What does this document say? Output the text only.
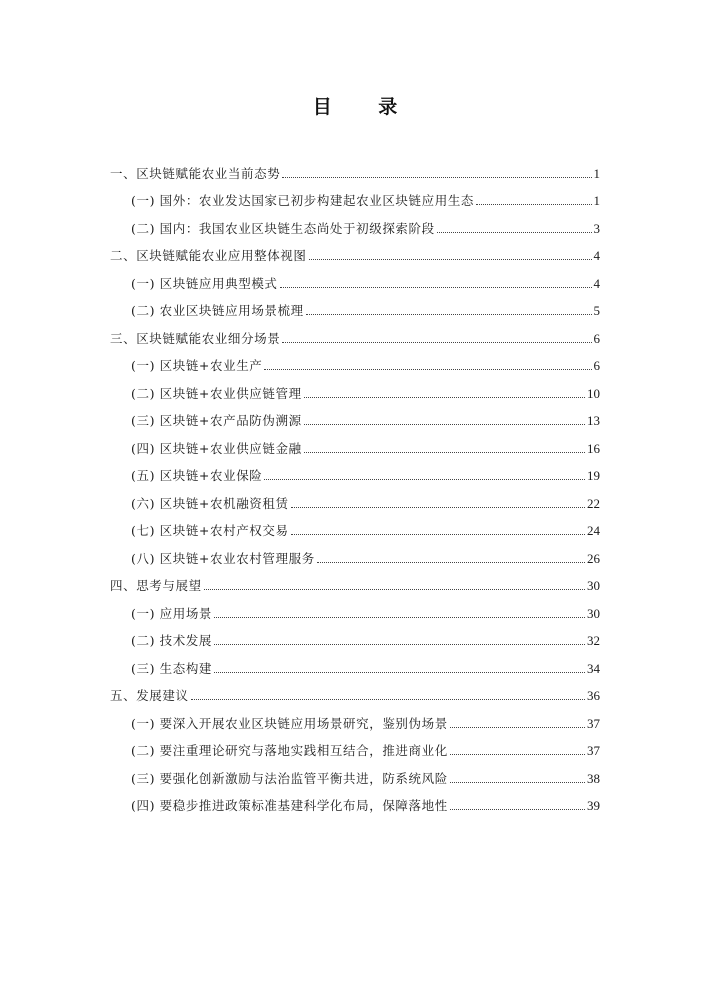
目 录
一、区块链赋能农业当前态势	1
(一) 国外：农业发达国家已初步构建起农业区块链应用生态	1
(二) 国内：我国农业区块链生态尚处于初级探索阶段	3
二、区块链赋能农业应用整体视图	4
(一) 区块链应用典型模式	4
(二) 农业区块链应用场景梳理	5
三、区块链赋能农业细分场景	6
(一) 区块链+农业生产	6
(二) 区块链+农业供应链管理	10
(三) 区块链+农产品防伪溯源	13
(四) 区块链+农业供应链金融	16
(五) 区块链+农业保险	19
(六) 区块链+农机融资租赁	22
(七) 区块链+农村产权交易	24
(八) 区块链+农业农村管理服务	26
四、思考与展望	30
(一) 应用场景	30
(二) 技术发展	32
(三) 生态构建	34
五、发展建议	36
(一) 要深入开展农业区块链应用场景研究，鉴别伪场景	37
(二) 要注重理论研究与落地实践相互结合，推进商业化	37
(三) 要强化创新激励与法治监管平衡共进，防系统风险	38
(四) 要稳步推进政策标准基建科学化布局，保障落地性	39
